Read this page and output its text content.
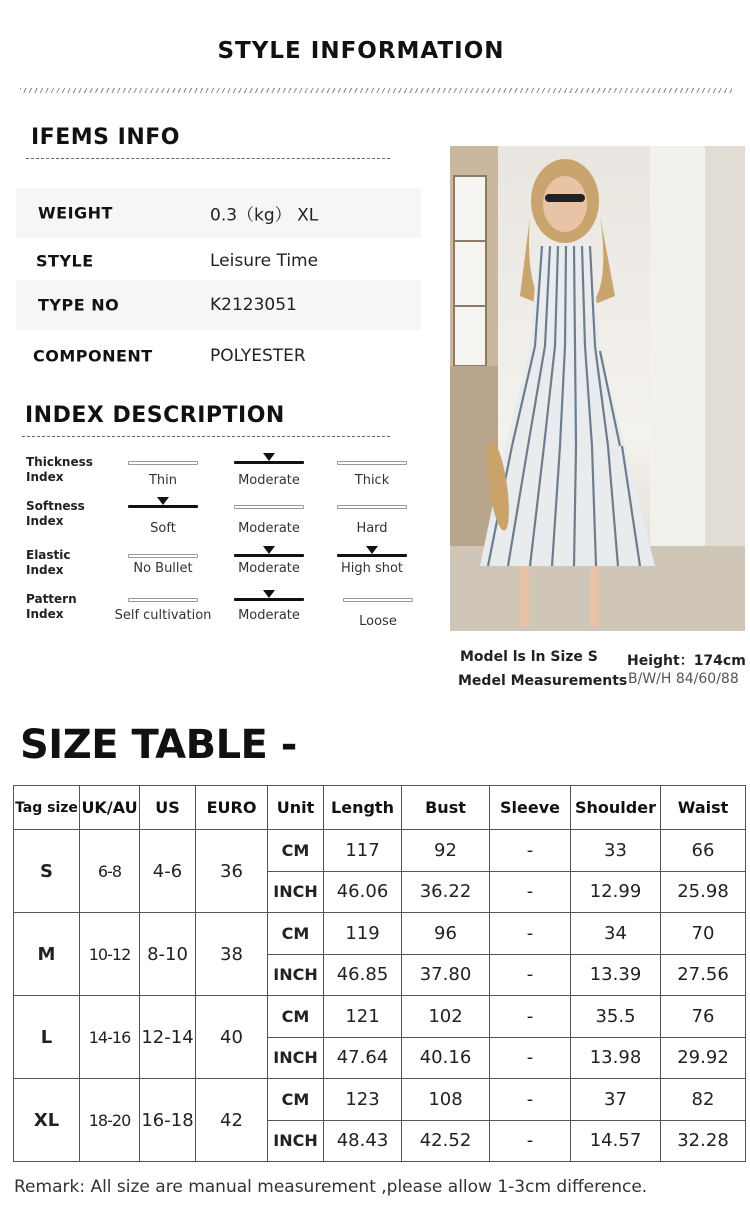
STYLE INFORMATION
IFEMS INFO
WEIGHT	0.3（kg） XL
STYLE	Leisure Time
TYPE NO	K2123051
COMPONENT	POLYESTER
INDEX DESCRIPTION
Thickness
Index	Thin	Moderate	Thick
Softness
Index	Soft	Moderate	Hard
Elastic
Index	No Bullet	Moderate	High shot
Pattern
Index	Self cultivation	Moderate	Loose
Model ls ln Size S
Medel Measurements
Height：174cm
B/W/H 84/60/88
SIZE TABLE -
Tag size	UK/AU	US	EURO	Unit	Length	Bust	Sleeve	Shoulder	Waist
S	6-8	4-6	36	CM	117	92	-	33	66
				INCH	46.06	36.22	-	12.99	25.98
M	10-12	8-10	38	CM	119	96	-	34	70
				INCH	46.85	37.80	-	13.39	27.56
L	14-16	12-14	40	CM	121	102	-	35.5	76
				INCH	47.64	40.16	-	13.98	29.92
XL	18-20	16-18	42	CM	123	108	-	37	82
				INCH	48.43	42.52	-	14.57	32.28
Remark: All size are manual measurement ,please allow 1-3cm difference.
